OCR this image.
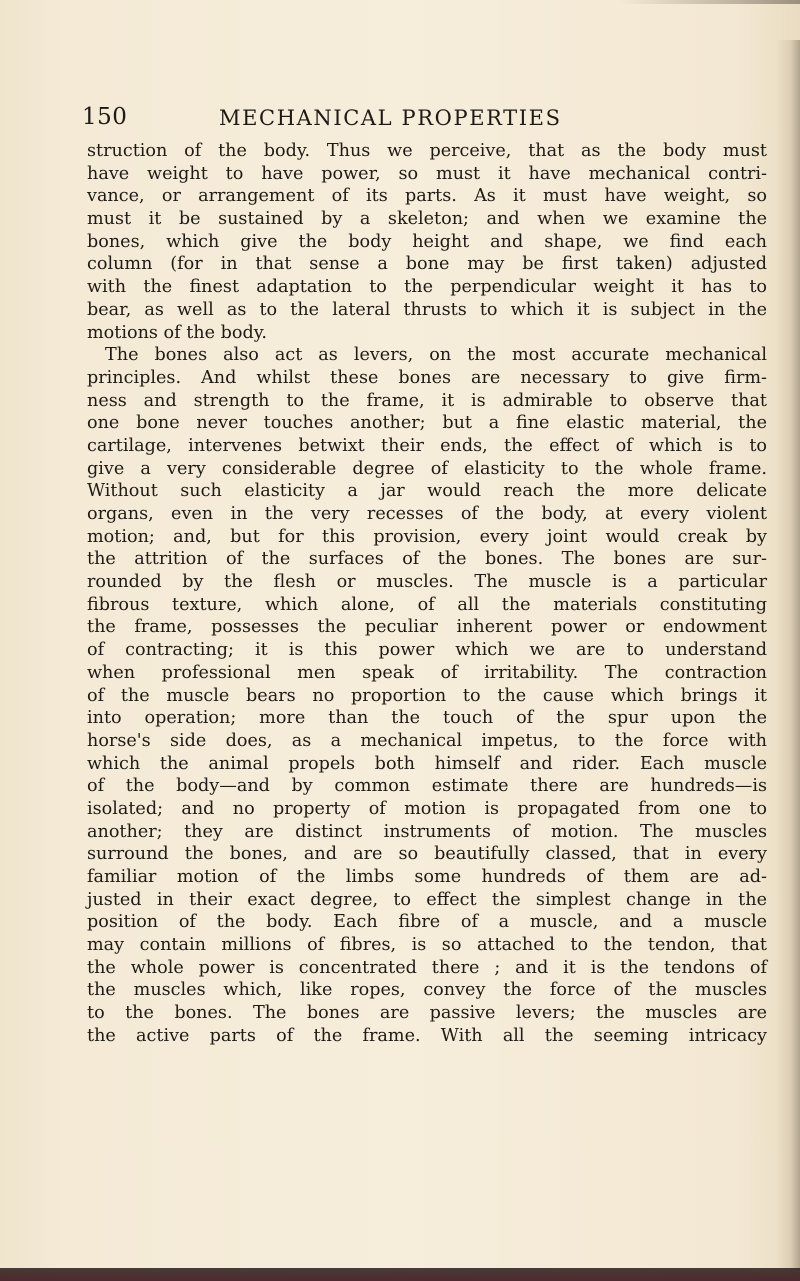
150	MECHANICAL PROPERTIES
struction of the body. Thus we perceive, that as the body must
have weight to have power, so must it have mechanical contri-
vance, or arrangement of its parts. As it must have weight, so
must it be sustained by a skeleton; and when we examine the
bones, which give the body height and shape, we find each
column (for in that sense a bone may be first taken) adjusted
with the finest adaptation to the perpendicular weight it has to
bear, as well as to the lateral thrusts to which it is subject in the
motions of the body.
The bones also act as levers, on the most accurate mechanical
principles. And whilst these bones are necessary to give firm-
ness and strength to the frame, it is admirable to observe that
one bone never touches another; but a fine elastic material, the
cartilage, intervenes betwixt their ends, the effect of which is to
give a very considerable degree of elasticity to the whole frame.
Without such elasticity a jar would reach the more delicate
organs, even in the very recesses of the body, at every violent
motion; and, but for this provision, every joint would creak by
the attrition of the surfaces of the bones. The bones are sur-
rounded by the flesh or muscles. The muscle is a particular
fibrous texture, which alone, of all the materials constituting
the frame, possesses the peculiar inherent power or endowment
of contracting; it is this power which we are to understand
when professional men speak of irritability. The contraction
of the muscle bears no proportion to the cause which brings it
into operation; more than the touch of the spur upon the
horse's side does, as a mechanical impetus, to the force with
which the animal propels both himself and rider. Each muscle
of the body—and by common estimate there are hundreds—is
isolated; and no property of motion is propagated from one to
another; they are distinct instruments of motion. The muscles
surround the bones, and are so beautifully classed, that in every
familiar motion of the limbs some hundreds of them are ad-
justed in their exact degree, to effect the simplest change in the
position of the body. Each fibre of a muscle, and a muscle
may contain millions of fibres, is so attached to the tendon, that
the whole power is concentrated there ; and it is the tendons of
the muscles which, like ropes, convey the force of the muscles
to the bones. The bones are passive levers; the muscles are
the active parts of the frame. With all the seeming intricacy
